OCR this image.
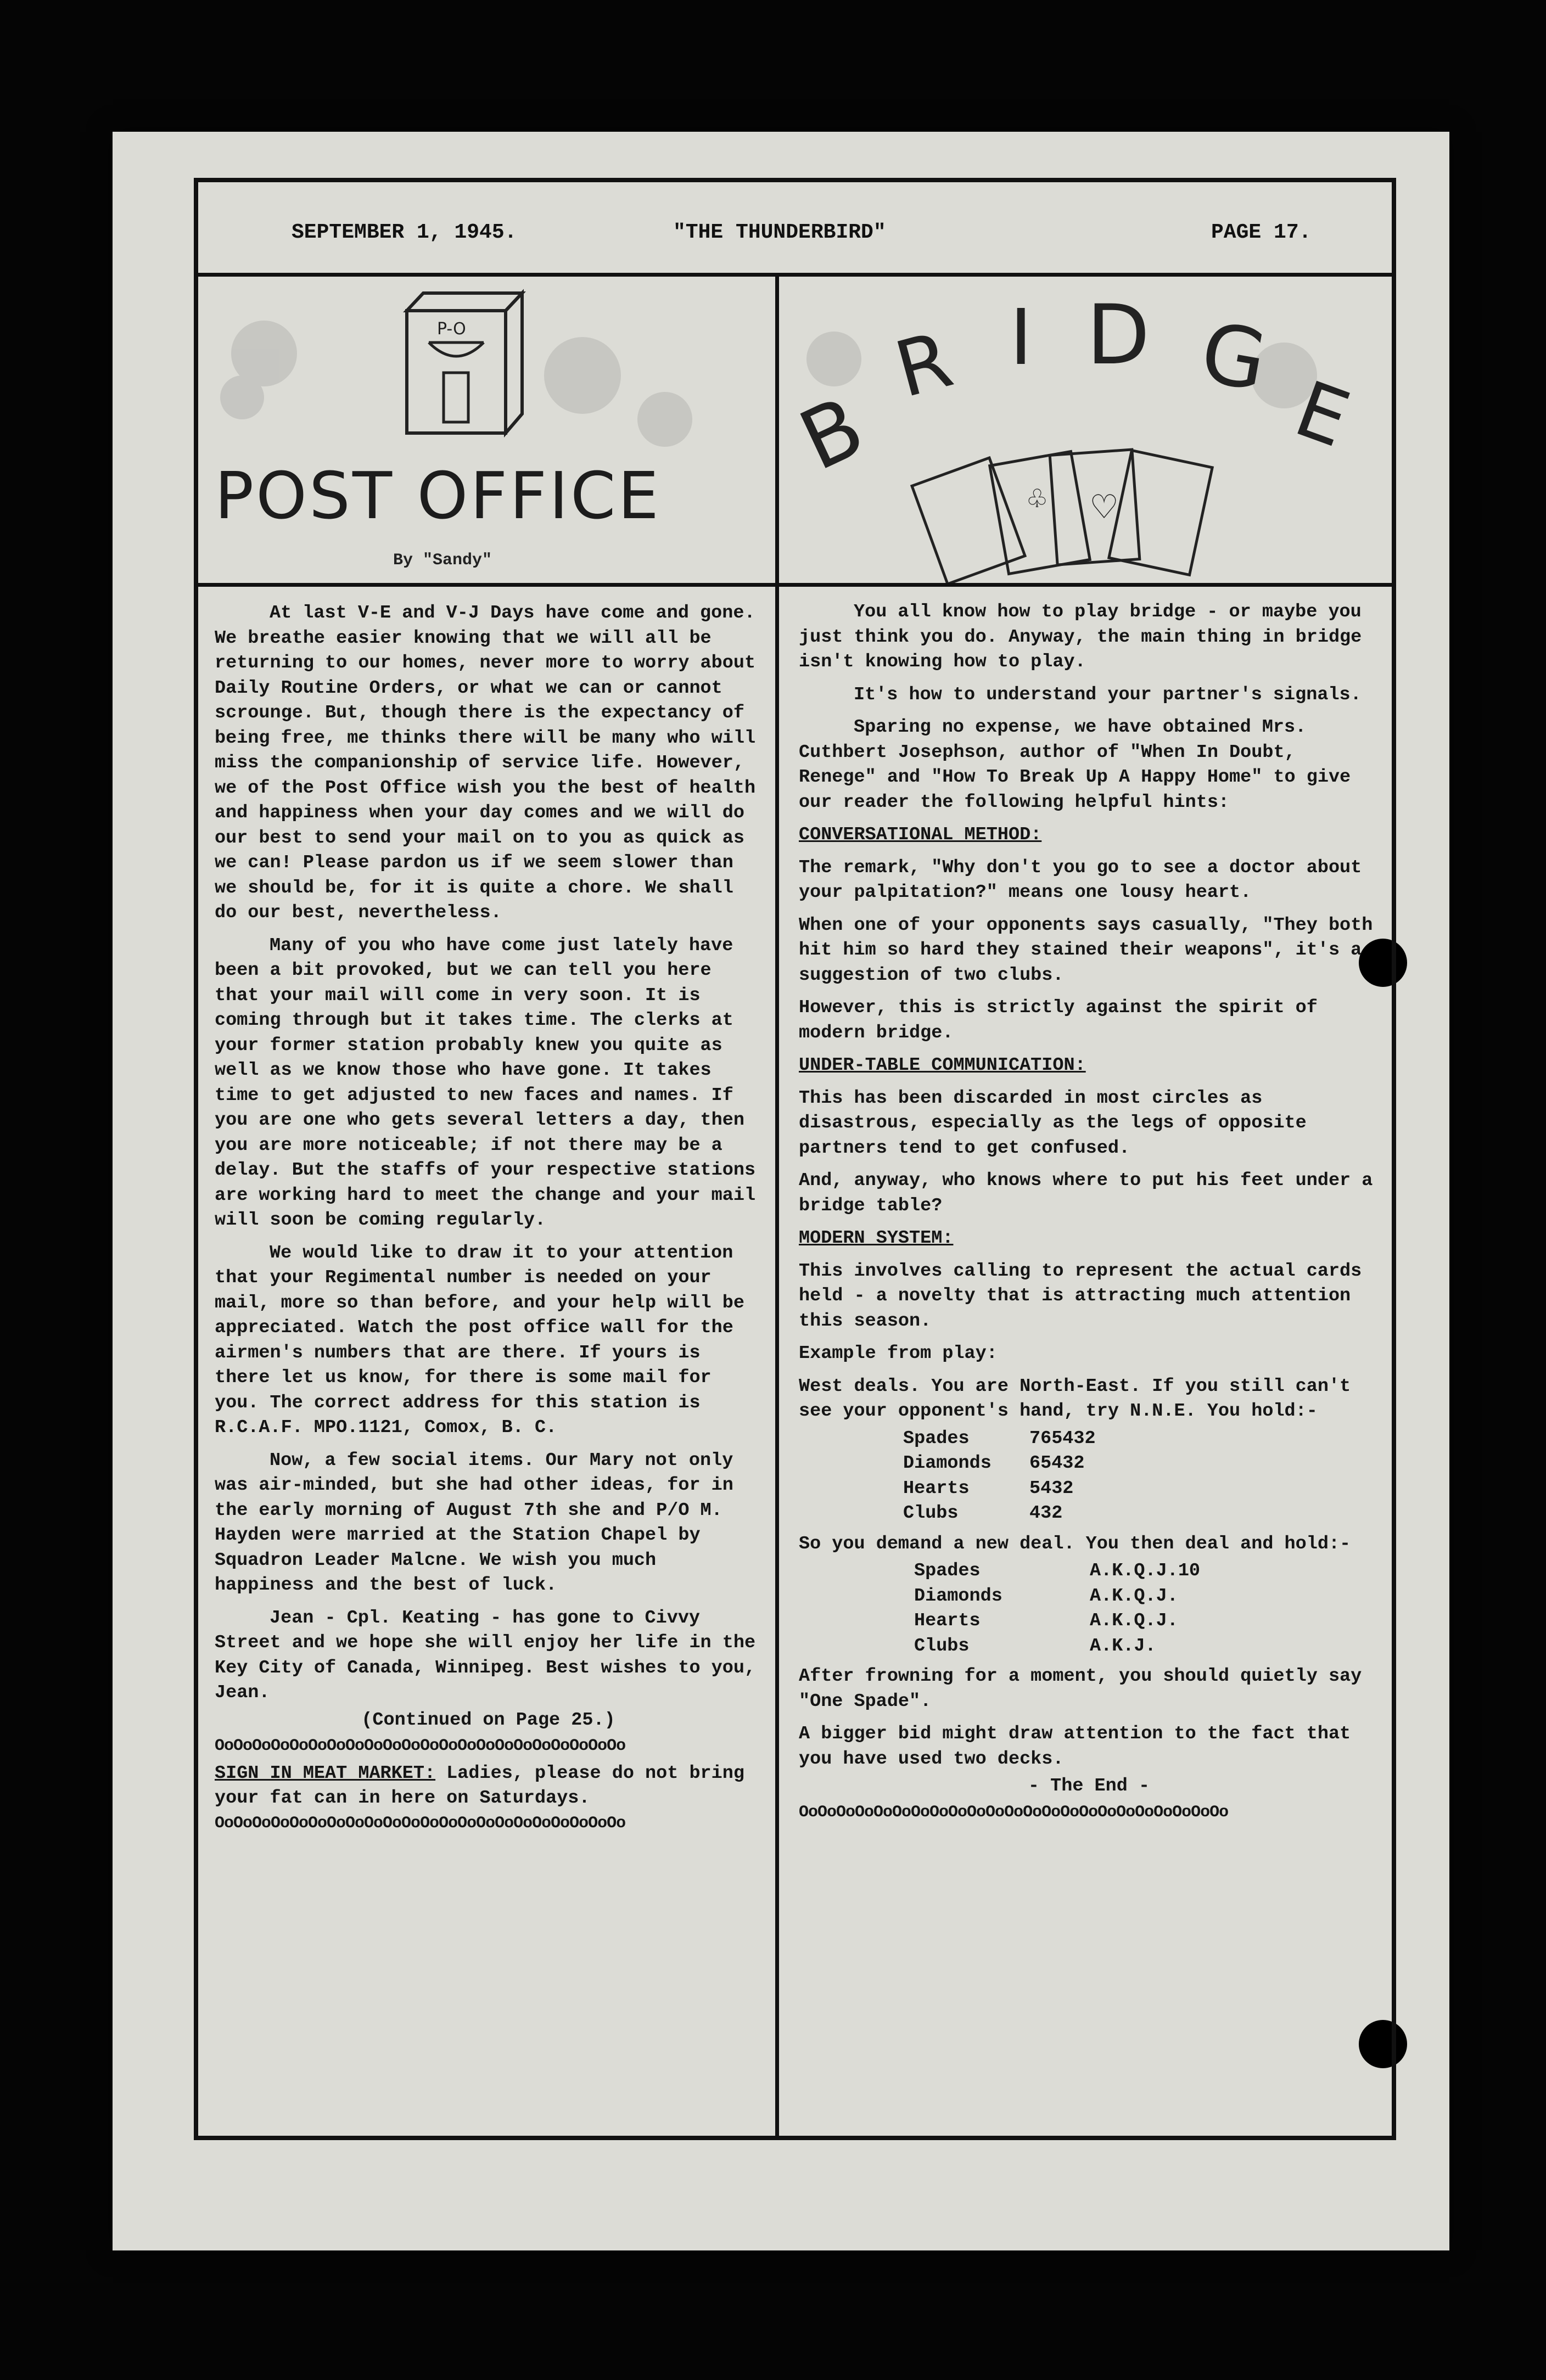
SEPTEMBER 1, 1945.	"THE THUNDERBIRD"	PAGE 17.
P-O
POST OFFICE
By "Sandy"
♡
♧
B
R I D G
E

At last V-E and V-J Days have come and gone. We breathe easier knowing that we will all be returning to our homes, never more to worry about Daily Routine Orders, or what we can or cannot scrounge. But, though there is the expectancy of being free, me thinks there will be many who will miss the companionship of service life. However, we of the Post Office wish you the best of health and happiness when your day comes and we will do our best to send your mail on to you as quick as we can! Please pardon us if we seem slower than we should be, for it is quite a chore. We shall do our best, nevertheless.

Many of you who have come just lately have been a bit provoked, but we can tell you here that your mail will come in very soon. It is coming through but it takes time. The clerks at your former station probably knew you quite as well as we know those who have gone. It takes time to get adjusted to new faces and names. If you are one who gets several letters a day, then you are more noticeable; if not there may be a delay. But the staffs of your respective stations are working hard to meet the change and your mail will soon be coming regularly.

We would like to draw it to your attention that your Regimental number is needed on your mail, more so than before, and your help will be appreciated. Watch the post office wall for the airmen's numbers that are there. If yours is there let us know, for there is some mail for you. The correct address for this station is R.C.A.F. MPO.1121, Comox, B. C.

Now, a few social items. Our Mary not only was air-minded, but she had other ideas, for in the early morning of August 7th she and P/O M. Hayden were married at the Station Chapel by Squadron Leader Malcne. We wish you much happiness and the best of luck.

Jean - Cpl. Keating - has gone to Civvy Street and we hope she will enjoy her life in the Key City of Canada, Winnipeg. Best wishes to you, Jean.

(Continued on Page 25.)

OoOoOoOoOoOoOoOoOoOoOoOoOoOoOoOoOoOoOoOoOoOo

SIGN IN MEAT MARKET: Ladies, please do not bring your fat can in here on Saturdays.

OoOoOoOoOoOoOoOoOoOoOoOoOoOoOoOoOoOoOoOoOoOo

You all know how to play bridge - or maybe you just think you do. Anyway, the main thing in bridge isn't knowing how to play.

It's how to understand your partner's signals.

Sparing no expense, we have obtained Mrs. Cuthbert Josephson, author of "When In Doubt, Renege" and "How To Break Up A Happy Home" to give our reader the following helpful hints:

CONVERSATIONAL METHOD:

The remark, "Why don't you go to see a doctor about your palpitation?" means one lousy heart.

When one of your opponents says casually, "They both hit him so hard they stained their weapons", it's a suggestion of two clubs.

However, this is strictly against the spirit of modern bridge.

UNDER-TABLE COMMUNICATION:

This has been discarded in most circles as disastrous, especially as the legs of opposite partners tend to get confused.

And, anyway, who knows where to put his feet under a bridge table?

MODERN SYSTEM:

This involves calling to represent the actual cards held - a novelty that is attracting much attention this season.

Example from play:

West deals. You are North-East. If you still can't see your opponent's hand, try N.N.E. You hold:-

Spades	765432
Diamonds	65432
Hearts	5432
Clubs	432

So you demand a new deal. You then deal and hold:-

Spades	A.K.Q.J.10
Diamonds	A.K.Q.J.
Hearts	A.K.Q.J.
Clubs	A.K.J.

After frowning for a moment, you should quietly say "One Spade".

A bigger bid might draw attention to the fact that you have used two decks.

- The End -

OoOoOoOoOoOoOoOoOoOoOoOoOoOoOoOoOoOoOoOoOoOoOo
